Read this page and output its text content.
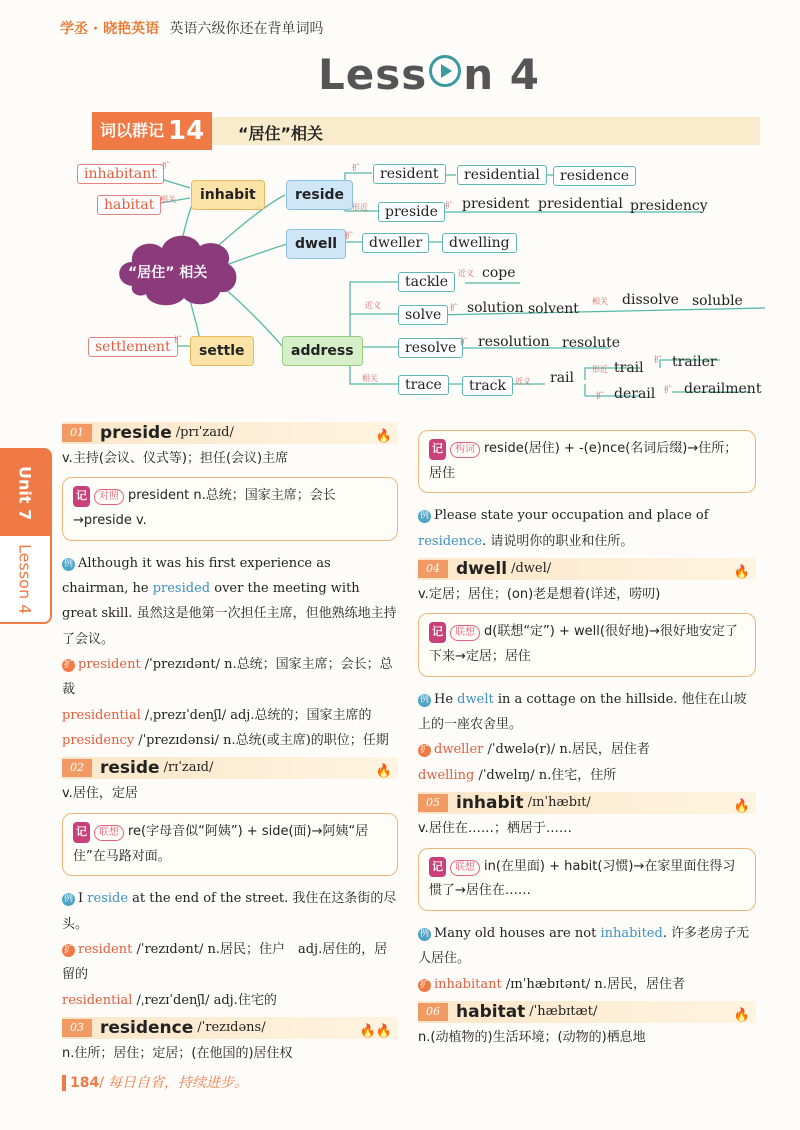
学丞 · 晓艳英语 英语六级你还在背单词吗
Less n 4
词以群记 14	“居住”相关
“居住” 相关
inhabitant
habitat
扩
相关	inhabit	reside
扩	resident	residential	residence
形近	preside 扩 president presidential presidency
dwell
扩	dweller	dwelling
近义
tackle
近义 cope
solve	扩 solution solvent 相关 dissolve soluble
resolve 扩 resolution resolute
address
相关	trace	track	近义 rail
形近 trail
扩 trailer
扩 derail 扩 derailment
settlement 扩
settle
Unit 7
Lesson 4
01 preside /prɪˈzaɪd/	🔥

v.主持(会议、仪式等)；担任(会议)主席

记 对照 president n.总统；国家主席；会长→preside v.

例 Although it was his first experience as chairman, he presided over the meeting with great skill. 虽然这是他第一次担任主席，但他熟练地主持了会议。

扩 president /ˈprezɪdənt/ n.总统；国家主席；会长；总裁

presidential /ˌprezɪˈdenʃl/ adj.总统的；国家主席的

presidency /ˈprezɪdənsi/ n.总统(或主席)的职位；任期

02 reside /rɪˈzaɪd/	🔥

v.居住，定居

记 联想 re(字母音似“阿姨”) + side(面)→阿姨“居住”在马路对面。

例 I reside at the end of the street. 我住在这条街的尽头。

扩 resident /ˈrezɪdənt/ n.居民；住户　adj.居住的，居留的

residential /ˌrezɪˈdenʃl/ adj.住宅的

03 residence /ˈrezɪdəns/	🔥🔥

n.住所；居住；定居；(在他国的)居住权

记 构词 reside(居住) + -(e)nce(名词后缀)→住所；居住

例 Please state your occupation and place of residence. 请说明你的职业和住所。

04 dwell /dwel/	🔥

v.定居；居住；(on)老是想着(详述，唠叨)

记 联想 d(联想“定”) + well(很好地)→很好地安定了下来→定居；居住

例 He dwelt in a cottage on the hillside. 他住在山坡上的一座农舍里。

扩 dweller /ˈdwelə(r)/ n.居民，居住者

dwelling /ˈdwelɪŋ/ n.住宅，住所

05 inhabit /ɪnˈhæbɪt/	🔥

v.居住在……；栖居于……

记 联想 in(在里面) + habit(习惯)→在家里面住得习惯了→居住在……

例 Many old houses are not inhabited. 许多老房子无人居住。

扩 inhabitant /ɪnˈhæbɪtənt/ n.居民，居住者

06 habitat /ˈhæbɪtæt/	🔥

n.(动植物的)生活环境；(动物的)栖息地

184/ 每日自省，持续进步。
